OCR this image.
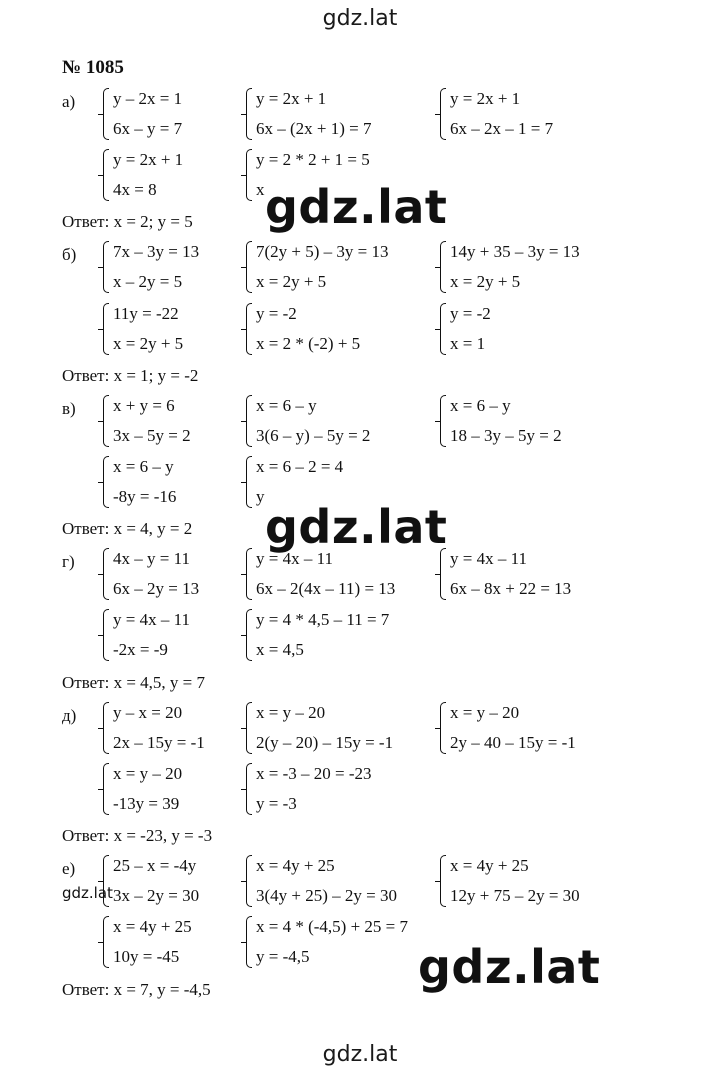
gdz.lat
№ 1085
а) y – 2x = 1
6x – y = 7
y = 2x + 1
6x – (2x + 1) = 7
y = 2x + 1
6x – 2x – 1 = 7
y = 2x + 1
4x = 8
y = 2 * 2 + 1 = 5
x
Ответ: x = 2; y = 5
б) 7x – 3y = 13
x – 2y = 5
7(2y + 5) – 3y = 13
x = 2y + 5
14y + 35 – 3y = 13
x = 2y + 5
11y = -22
x = 2y + 5
y = -2
x = 2 * (-2) + 5
y = -2
x = 1
Ответ: x = 1; y = -2
в) x + y = 6
3x – 5y = 2
x = 6 – y
3(6 – y) – 5y = 2
x = 6 – y
18 – 3y – 5y = 2
x = 6 – y
-8y = -16
x = 6 – 2 = 4
y
Ответ: x = 4, y = 2
г) 4x – y = 11
6x – 2y = 13
y = 4x – 11
6x – 2(4x – 11) = 13
y = 4x – 11
6x – 8x + 22 = 13
y = 4x – 11
-2x = -9
y = 4 * 4,5 – 11 = 7
x = 4,5
Ответ: x = 4,5, y = 7
д) y – x = 20
2x – 15y = -1
x = y – 20
2(y – 20) – 15y = -1
x = y – 20
2y – 40 – 15y = -1
x = y – 20
-13y = 39
x = -3 – 20 = -23
y = -3
Ответ: x = -23, y = -3
е) 25 – x = -4y
3x – 2y = 30
x = 4y + 25
3(4y + 25) – 2y = 30
x = 4y + 25
12y + 75 – 2y = 30
x = 4y + 25
10y = -45
x = 4 * (-4,5) + 25 = 7
y = -4,5
Ответ: x = 7, y = -4,5
gdz.lat
gdz.lat
gdz.lat
gdz.lat
gdz.lat
